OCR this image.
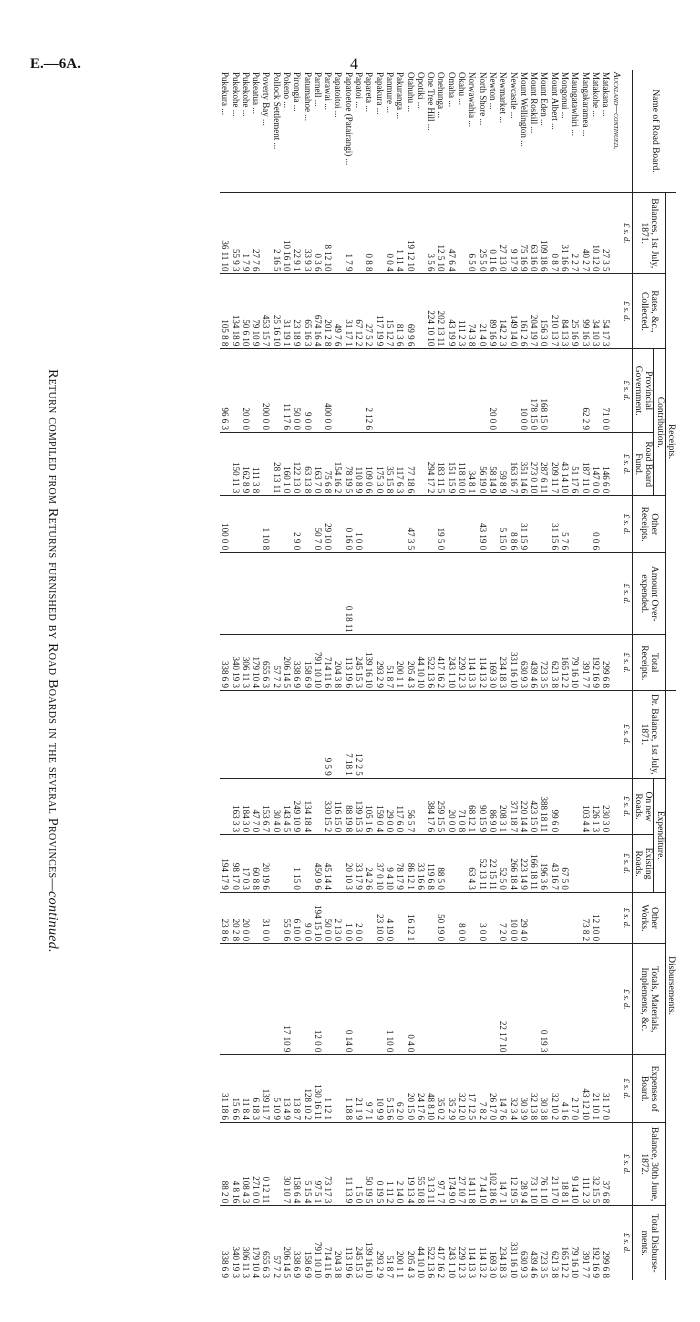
E.—6A.	4
Name of Road Board.	Receipts.							Disbursements.							
	Balances, 1st July, 1871.	Rates, &c., Collected.	Contribution.		Other Receipts.	Amount Over-expended.	Total Receipts.	Dr. Balance, 1st July, 1871.	Expenditure.		Other Works.	Totals, Materials, Implements, &c.	Expenses of Board.	Balance, 30th June, 1872.	Total Disburse-ments.
			Provincial Government.	Road Board Fund.					On new Roads.	Existing Roads.					
	£ s. d.	£ s. d.	£ s. d.	£ s. d.	£ s. d.	£ s. d.	£ s. d.	£ s. d.	£ s. d.	£ s. d.	£ s. d.	£ s. d.	£ s. d.	£ s. d.	£ s. d.
Auckland—continued.															
Matakana ...	27 3 5	54 17 3	71 0 0	146 6 0			299 6 8		230 3 0				31 17 0	37 6 8	299 6 8
Matakohe ...	10 12 0	34 10 3		147 0 0	0 0 6		192 16 9		126 1 3		12 10 0		21 10 1	32 15 5	192 16 9
Mangakaramea ...	40 2 7	99 16 3	62 2 9	187 11 0			391 7 7		103 4 4		73 8 2		43 12 10	111 2 3	391 7 7
Maungatawhiri ...	2 2 7	25 16 9		51 17 6			79 16 10						2 17 0	9 14 10	79 16 10
Mongonui ...	31 16 6	84 13 3		43 14 10	5 7 6		165 12 2			67 5 0			4 1 6	18 8 1	165 12 2
Mount Albert ...	0 8 7	210 13 7		209 11 7	31 15 6		621 3 8		99 6 0	43 16 7			32 10 2	21 17 0	621 3 8
Mount Eden ...	109 18 6	156 3 0	168 15 0	287 6 11			723 3 5		388 18 11	196 3 6		0 19 3	30 3 8	76 1 10	723 3 5
Mount Roskill ...	63 16 0	204 19 7	178 15 0	273 0 10			439 4 6		423 15 0	166 18 11			32 13 8	73 1 10	439 4 6
Mount Wellington ...	75 16 9	161 2 6	10 0 0	351 14 6	31 15 9		630 9 3		220 14 4	223 14 9	29 4 0		30 3 9	28 9 4	630 9 3
Newcastle ...	9 17 9	149 14 0		163 16 7	8 8 6		331 16 10		371 18 7	266 18 4	10 0 0		32 3 4	12 19 5	331 16 10
Newmarket ...	27 13 0	142 2 3		59 8 9	5 15 0		234 18 3		208 3 1	52 5 0	7 2 0	22 17 10	14 7 6	14 7 1	234 18 3
Newton ...	0 11 6	89 16 9	20 0 0	58 14 9			169 3 0		86 9 0	22 15 11			26 17 0	102 18 6	169 3 0
North Shore ...	25 5 0	21 4 0		56 19 0	43 19 0		114 13 2		90 15 9	52 13 11	3 0 0		7 8 2	7 14 10	114 13 2
Norwawahia ...	6 5 0	74 3 8		34 8 1			114 13 3		68 12 1	63 4 3			17 12 5	14 11 8	114 13 3
Okahu ...		111 2 3		118 10 0			229 12 3		71 0 8		8 0 0		32 12 0	27 10 7	229 12 3
Omaha ...	47 6 4	43 19 9		151 15 9			243 1 10		20 0 0				35 2 9	174 9 0	243 1 10
Onehunga ...	12 5 10	202 13 11		183 11 5	19 5 0		417 16 2		259 15 5	88 5 0	50 19 0		35 0 2	97 1 7	417 16 2
One Tree Hill ...	3 5 6	224 10 10		294 17 2			522 13 6		384 17 6	119 6 8			48 8 10	3 13 11	522 13 6
Opotiki ...							44 10 10			33 16 6			24 17 6	55 10 8	44 10 10
Otahuhu ...	19 12 10	69 9 6		77 18 6	47 3 5		205 4 3		56 5 7	86 12 1	16 12 1	0 4 0	20 15 0	19 13 4	205 4 3
Pakuranga ...	1 11 4	81 3 6		117 6 3			200 1 1		117 6 0	78 17 9			6 2 0	2 14 0	200 1 1
Panmure ...	0 0 4	15 12 7		35 15 8			51 8 7		29 0 0	9 4 10	4 19 0	1 10 0	5 15 6	1 11 2	51 8 7
Papakura ...		117 19 9		175 3 0			293 2 9		159 0 4	37 0 10	23 10 0		10 9 9	0 19 5	293 2 9
Papareta ...	0 8 8	27 5 2	2 12 6	109 0 6			139 16 10		105 1 6	24 2 6			9 7 1	50 19 5	139 16 10
Papatoi ...		67 12 2		110 8 9	1 0 0		245 15 3	12 2 5	139 15 3	33 17 9	2 0 0		21 1 9	1 5 0	245 15 3
Papatoetoe (Patairangi) ...	1 7 9	31 17 1		78 19 5	0 16 0	0 18 11	113 19 6	7 18 1	88 19 8	20 10 3	1 0 0	0 14 0	1 18 8	11 13 9	113 19 6
Papatoitoi ...		49 7 6		154 16 2			204 3 8		116 15 0		2 13 0				204 3 8
Parawai ...	8 12 10	201 2 8	400 0 0	75 6 8	29 10 0		714 11 6	9 5 9	330 15 2	45 14 4	50 0 0		1 12 1	73 17 3	714 11 6
Parnell ...	0 3 6	674 16 4		163 7 0	50 7 0		791 10 10			450 9 6	194 15 10	12 0 0	130 16 11	97 5 1	791 10 10
Patumahoe ...	33 9 3	65 16 3	9 0 0	63 13 8			158 6 9		134 18 4		9 0 0		128 10 2	5 15 4	158 6 9
Pirongia ...	22 9 1	23 18 9	50 0 0	122 13 0	2 9 0		338 6 9		249 10 9	1 15 0	6 10 0		13 8 7	158 6 4	338 6 9
Pokeno ...	10 16 10	31 19 1	11 17 6	160 1 0			206 14 5		143 4 5		55 0 6	17 10 9	13 4 9	30 10 7	206 14 5
Pollock Settlement ...	2 16 5	25 16 10		28 13 11			57 7 2		30 4 0				5 10 9		57 7 2
Poverty Bay ...		453 15 7	200 0 0		1 10 8		655 6 3		153 6 7	20 19 6	31 0 0		139 11 7	0 12 11	655 6 3
Pukeatua ...	27 7 6	79 10 9		111 3 8			179 10 4		47 7 0	60 8 8			6 18 3	271 0 0	179 10 4
Pukekohe ...	1 7 9	50 6 10	20 0 0	162 8 9			306 11 3		184 3 0	17 0 3	20 0 0		11 8 4	108 4 3	306 11 3
Pukekohe ...	55 9 3	134 18 9		150 11 3			340 19 3		163 3 3	98 17 0	20 2 8		15 6 6	4 8 16	340 19 3
Pukekura ...	36 11 10	105 8 8	96 6 3		100 0 0		338 6 9			194 17 9	23 8 6		31 18 6	88 2 0	338 6 9
Return compiled from Returns furnished by Road Boards in the several Provinces—continued.
